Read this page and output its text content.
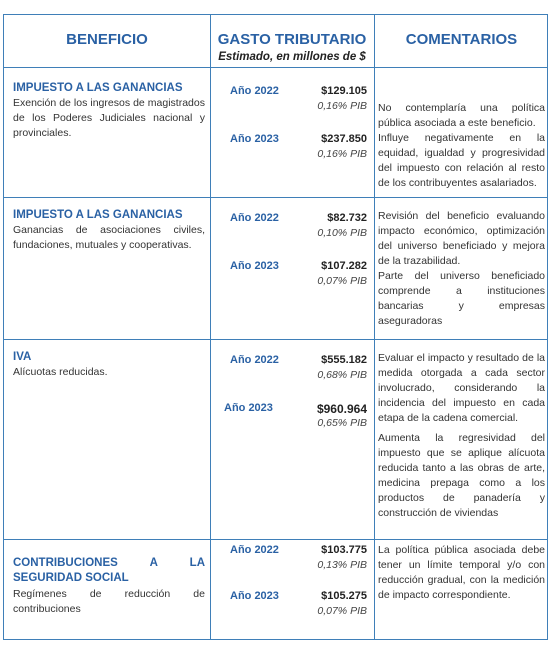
BENEFICIO	GASTO TRIBUTARIO
Estimado, en millones de $
COMENTARIOS
IMPUESTO A LAS GANANCIAS
Exención de los ingresos de magistrados de los Poderes Judiciales nacional y provinciales.
Año 2022	$129.105
0,16% PIB
Año 2023	$237.850
0,16% PIB
No contemplaría una política pública asociada a este beneficio.
Influye negativamente en la equidad, igualdad y progresividad del impuesto con relación al resto de los contribuyentes asalariados.
IMPUESTO A LAS GANANCIAS
Ganancias de asociaciones civiles, fundaciones, mutuales y cooperativas.
Año 2022	$82.732
0,10% PIB
Año 2023	$107.282
0,07% PIB
Revisión del beneficio evaluando impacto económico, optimización del universo beneficiado y mejora de la trazabilidad.
Parte del universo beneficiado comprende a instituciones bancarias y empresas aseguradoras
IVA
Alícuotas reducidas.
Año 2022	$555.182
0,68% PIB
Año 2023	$960.964
0,65% PIB
Evaluar el impacto y resultado de la medida otorgada a cada sector involucrado, considerando la incidencia del impuesto en cada etapa de la cadena comercial.
Aumenta la regresividad del impuesto que se aplique alícuota reducida tanto a las obras de arte, medicina prepaga como a los productos de panadería y construcción de viviendas
CONTRIBUCIONES A LA
SEGURIDAD SOCIAL
Regímenes de reducción de contribuciones
Año 2022	$103.775
0,13% PIB
Año 2023	$105.275
0,07% PIB
La política pública asociada debe tener un límite temporal y/o con reducción gradual, con la medición de impacto correspondiente.
